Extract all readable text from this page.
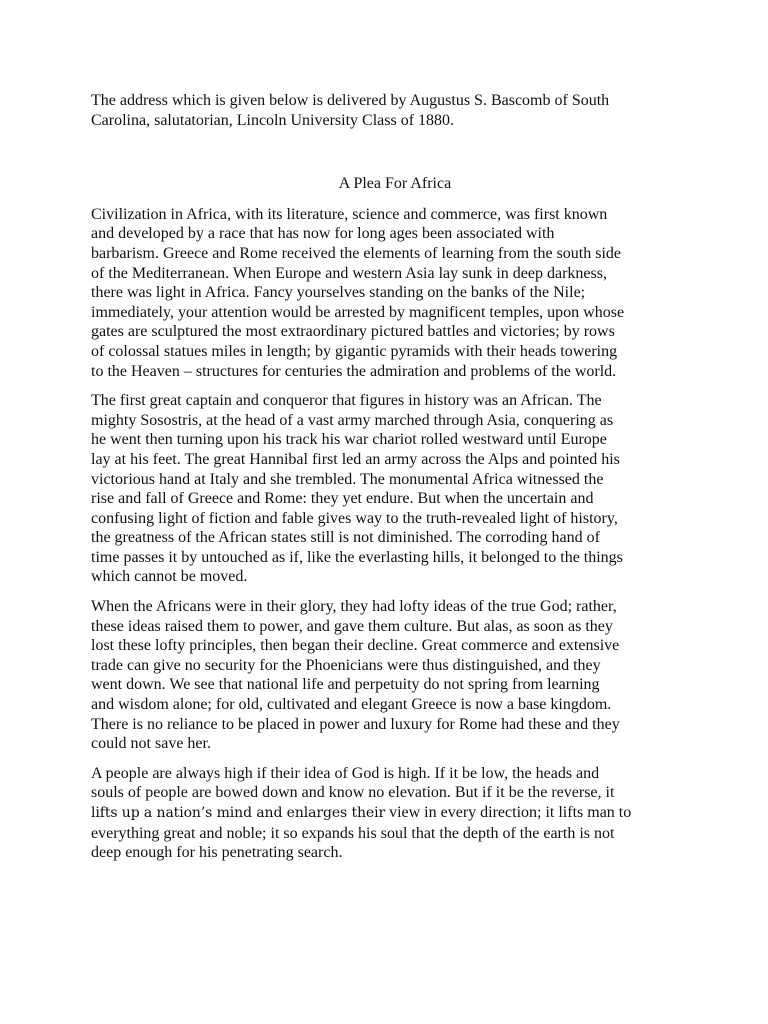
The address which is given below is delivered by Augustus S. Bascomb of South
Carolina, salutatorian, Lincoln University Class of 1880.

A Plea For Africa

Civilization in Africa, with its literature, science and commerce, was first known
and developed by a race that has now for long ages been associated with
barbarism. Greece and Rome received the elements of learning from the south side
of the Mediterranean. When Europe and western Asia lay sunk in deep darkness,
there was light in Africa. Fancy yourselves standing on the banks of the Nile;
immediately, your attention would be arrested by magnificent temples, upon whose
gates are sculptured the most extraordinary pictured battles and victories; by rows
of colossal statues miles in length; by gigantic pyramids with their heads towering
to the Heaven – structures for centuries the admiration and problems of the world.

The first great captain and conqueror that figures in history was an African. The
mighty Sosostris, at the head of a vast army marched through Asia, conquering as
he went then turning upon his track his war chariot rolled westward until Europe
lay at his feet. The great Hannibal first led an army across the Alps and pointed his
victorious hand at Italy and she trembled. The monumental Africa witnessed the
rise and fall of Greece and Rome: they yet endure. But when the uncertain and
confusing light of fiction and fable gives way to the truth-revealed light of history,
the greatness of the African states still is not diminished. The corroding hand of
time passes it by untouched as if, like the everlasting hills, it belonged to the things
which cannot be moved.

When the Africans were in their glory, they had lofty ideas of the true God; rather,
these ideas raised them to power, and gave them culture. But alas, as soon as they
lost these lofty principles, then began their decline. Great commerce and extensive
trade can give no security for the Phoenicians were thus distinguished, and they
went down. We see that national life and perpetuity do not spring from learning
and wisdom alone; for old, cultivated and elegant Greece is now a base kingdom.
There is no reliance to be placed in power and luxury for Rome had these and they
could not save her.

A people are always high if their idea of God is high. If it be low, the heads and
souls of people are bowed down and know no elevation. But if it be the reverse, it
lifts up a nation’s mind and enlarges their view in every direction; it lifts man to
everything great and noble; it so expands his soul that the depth of the earth is not
deep enough for his penetrating search.
